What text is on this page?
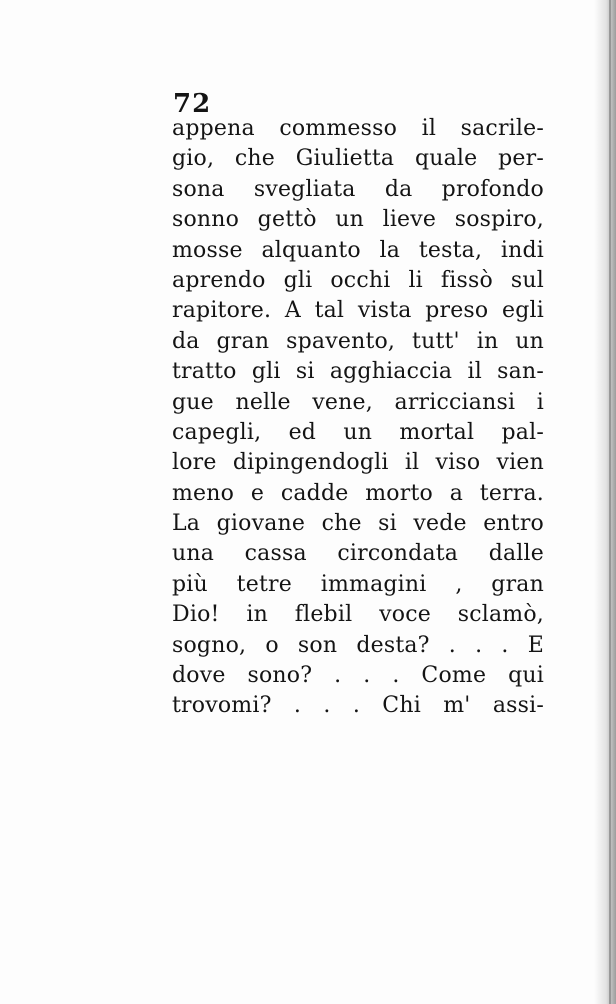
72
appena commesso il sacrile-
gio, che Giulietta quale per-
sona svegliata da profondo
sonno gettò un lieve sospiro,
mosse alquanto la testa, indi
aprendo gli occhi li fissò sul
rapitore. A tal vista preso egli
da gran spavento, tutt' in un
tratto gli si agghiaccia il san-
gue nelle vene, arricciansi i
capegli, ed un mortal pal-
lore dipingendogli il viso vien
meno e cadde morto a terra.
La giovane che si vede entro
una cassa circondata dalle
più tetre immagini , gran
Dio! in flebil voce sclamò,
sogno, o son desta? . . . E
dove sono? . . . Come qui
trovomi? . . . Chi m' assi-
